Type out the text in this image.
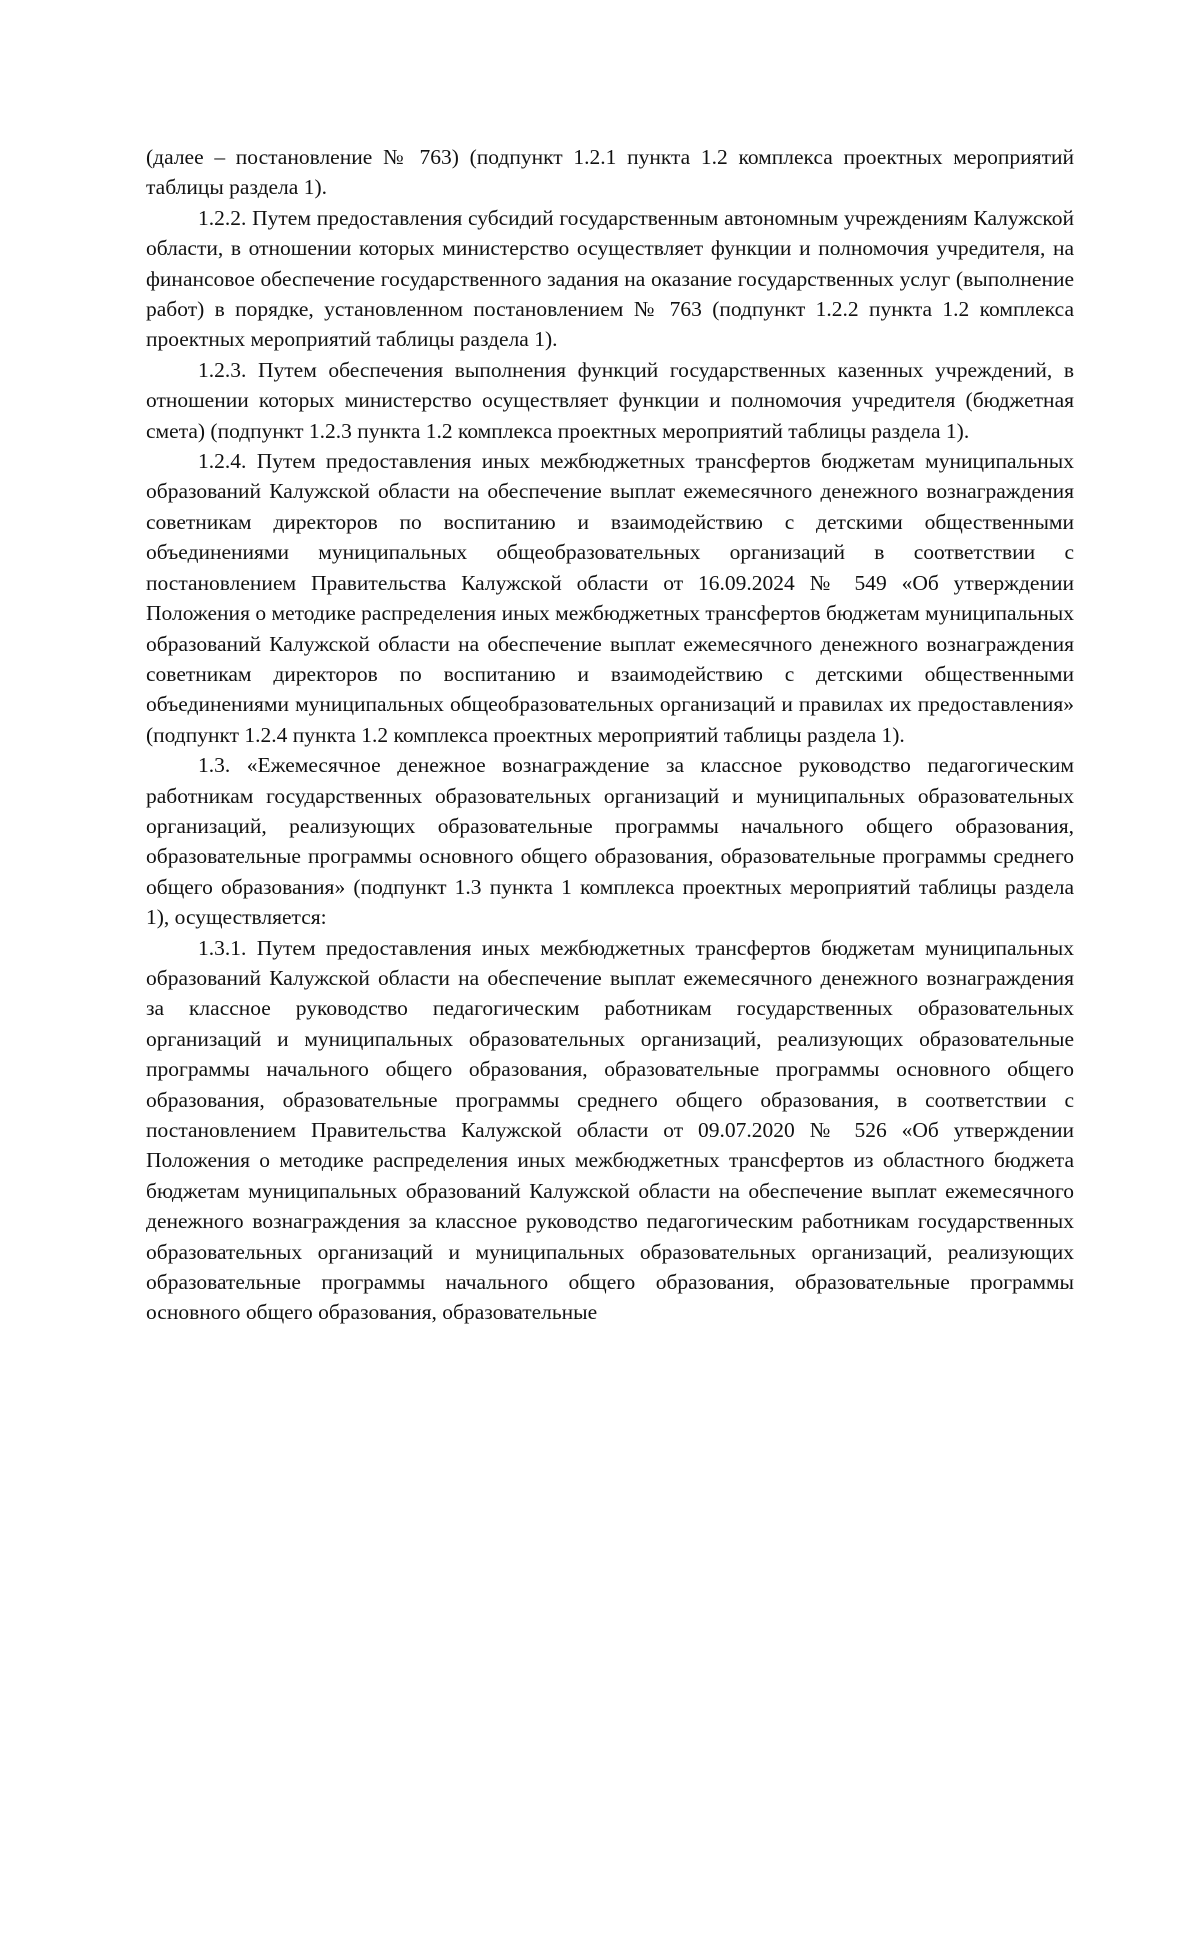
(далее – постановление № 763) (подпункт 1.2.1 пункта 1.2 комплекса проектных мероприятий таблицы раздела 1).

1.2.2. Путем предоставления субсидий государственным автономным учреждениям Калужской области, в отношении которых министерство осуществляет функции и полномочия учредителя, на финансовое обеспечение государственного задания на оказание государственных услуг (выполнение работ) в порядке, установленном постановлением № 763 (подпункт 1.2.2 пункта 1.2 комплекса проектных мероприятий таблицы раздела 1).

1.2.3. Путем обеспечения выполнения функций государственных казенных учреждений, в отношении которых министерство осуществляет функции и полномочия учредителя (бюджетная смета) (подпункт 1.2.3 пункта 1.2 комплекса проектных мероприятий таблицы раздела 1).

1.2.4. Путем предоставления иных межбюджетных трансфертов бюджетам муниципальных образований Калужской области на обеспечение выплат ежемесячного денежного вознаграждения советникам директоров по воспитанию и взаимодействию с детскими общественными объединениями муниципальных общеобразовательных организаций в соответствии с постановлением Правительства Калужской области от 16.09.2024 № 549 «Об утверждении Положения о методике распределения иных межбюджетных трансфертов бюджетам муниципальных образований Калужской области на обеспечение выплат ежемесячного денежного вознаграждения советникам директоров по воспитанию и взаимодействию с детскими общественными объединениями муниципальных общеобразовательных организаций и правилах их предоставления» (подпункт 1.2.4 пункта 1.2 комплекса проектных мероприятий таблицы раздела 1).

1.3. «Ежемесячное денежное вознаграждение за классное руководство педагогическим работникам государственных образовательных организаций и муниципальных образовательных организаций, реализующих образовательные программы начального общего образования, образовательные программы основного общего образования, образовательные программы среднего общего образования» (подпункт 1.3 пункта 1 комплекса проектных мероприятий таблицы раздела 1), осуществляется:

1.3.1. Путем предоставления иных межбюджетных трансфертов бюджетам муниципальных образований Калужской области на обеспечение выплат ежемесячного денежного вознаграждения за классное руководство педагогическим работникам государственных образовательных организаций и муниципальных образовательных организаций, реализующих образовательные программы начального общего образования, образовательные программы основного общего образования, образовательные программы среднего общего образования, в соответствии с постановлением Правительства Калужской области от 09.07.2020 № 526 «Об утверждении Положения о методике распределения иных межбюджетных трансфертов из областного бюджета бюджетам муниципальных образований Калужской области на обеспечение выплат ежемесячного денежного вознаграждения за классное руководство педагогическим работникам государственных образовательных организаций и муниципальных образовательных организаций, реализующих образовательные программы начального общего образования, образовательные программы основного общего образования, образовательные
